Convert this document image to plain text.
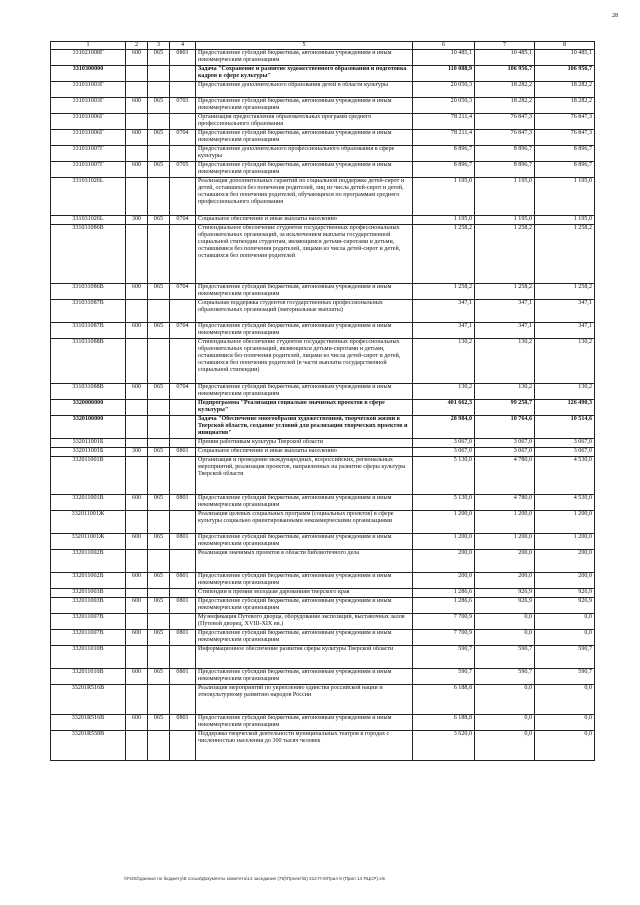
28
1	2	3	4	5	6	7	8
331021008Г	600	065	0801	Предоставление субсидий бюджетным, автономным учреждениям и иным некоммерческим организациям	10 485,1	10 485,1	10 485,1
3310300000				Задача "Сохранение и развитие художественного образования и подготовка кадров в сфере культуры"	110 088,9	106 956,7	106 956,7
331031003Г				Предоставление дополнительного образования детей в области культуры	20 050,3	18 282,2	18 282,2
331031003Г	600	065	0703	Предоставление субсидий бюджетным, автономным учреждениям и иным некоммерческим организациям	20 050,3	18 282,2	18 282,2
331031006Г				Организация предоставления образовательных программ среднего профессионального образования	78 211,4	76 847,3	76 847,3
331031006Г	600	065	0704	Предоставление субсидий бюджетным, автономным учреждениям и иным некоммерческим организациям	78 211,4	76 847,3	76 847,3
331031007Г				Предоставление дополнительного профессионального образования в сфере культуры	8 896,7	8 896,7	8 896,7
331031007Г	600	065	0705	Предоставление субсидий бюджетным, автономным учреждениям и иным некоммерческим организациям	8 896,7	8 896,7	8 896,7
331031026L				Реализация дополнительных гарантий по социальной поддержке детей-сирот и детей, оставшихся без попечения родителей, лиц из числа детей-сирот и детей, оставшихся без попечения родителей, обучающихся по программам среднего профессионального образования	1 195,0	1 195,0	1 195,0
331031026L	300	065	0704	Социальное обеспечение и иные выплаты населению	1 195,0	1 195,0	1 195,0
331031086В				Стипендиальное обеспечение студентов государственных профессиональных образовательных организаций, за исключением выплаты государственной социальной стипендии студентам, являющимся детьми-сиротами и детьми, оставшимися без попечения родителей, лицами из числа детей-сирот и детей, оставшихся без попечения родителей	1 258,2	1 258,2	1 258,2
331031086В	600	065	0704	Предоставление субсидий бюджетным, автономным учреждениям и иным некоммерческим организациям	1 258,2	1 258,2	1 258,2
331031087В				Социальная поддержка студентов государственных профессиональных образовательных организаций (материальные выплаты)	347,1	347,1	347,1
331031087В	600	065	0704	Предоставление субсидий бюджетным, автономным учреждениям и иным некоммерческим организациям	347,1	347,1	347,1
331031088В				Стипендиальное обеспечение студентов государственных профессиональных образовательных организаций, являющихся детьми-сиротами и детьми, оставшимися без попечения родителей, лицами из числа детей-сирот и детей, оставшихся без попечения родителей (в части выплаты государственной социальной стипендии)	130,2	130,2	130,2
331031088В	600	065	0704	Предоставление субсидий бюджетным, автономным учреждениям и иным некоммерческим организациям	130,2	130,2	130,2
3320000000				Подпрограмма "Реализация социально значимых проектов в сфере культуры"	401 662,3	99 258,7	126 490,3
3320100000				Задача "Обеспечение многообразия художественной, творческой жизни в Тверской области, создание условий для реализации творческих проектов и инициатив"	28 984,0	10 764,6	10 514,6
332011001Б				Премии работникам культуры Тверской области	3 067,0	3 067,0	3 067,0
332011001Б	300	065	0801	Социальное обеспечение и иные выплаты населению	3 067,0	3 067,0	3 067,0
332011001В				Организация и проведение международных, всероссийских, региональных мероприятий, реализация проектов, направленных на развитие сферы культуры Тверской области	5 130,0	4 780,0	4 530,0
332011001В	600	065	0801	Предоставление субсидий бюджетным, автономным учреждениям и иным некоммерческим организациям	5 130,0	4 780,0	4 530,0
332011001Ж				Реализация целевых социальных программ (социальных проектов) в сфере культуры социально ориентированными некоммерческими организациями	1 200,0	1 200,0	1 200,0
332011001Ж	600	065	0801	Предоставление субсидий бюджетным, автономным учреждениям и иным некоммерческим организациям	1 200,0	1 200,0	1 200,0
332011002В				Реализация значимых проектов в области библиотечного дела	200,0	200,0	200,0
332011002В	600	065	0801	Предоставление субсидий бюджетным, автономным учреждениям и иным некоммерческим организациям	200,0	200,0	200,0
332011003В				Стипендии и премии молодым дарованиям тверского края	1 286,6	926,9	926,9
332011003В	600	065	0801	Предоставление субсидий бюджетным, автономным учреждениям и иным некоммерческим организациям	1 286,6	926,9	926,9
332011007В				Музеефикация Путевого дворца, оборудование экспозиций, выставочных залов (Путевой дворец, XVIII-XIX вв.)	7 700,9	0,0	0,0
332011007В	600	065	0801	Предоставление субсидий бюджетным, автономным учреждениям и иным некоммерческим организациям	7 700,9	0,0	0,0
332011010В				Информационное обеспечение развития сферы культуры Тверской области	590,7	590,7	590,7
332011010В	600	065	0801	Предоставление субсидий бюджетным, автономным учреждениям и иным некоммерческим организациям	590,7	590,7	590,7
33201R516В				Реализация мероприятий по укреплению единства российской нации и этнокультурному развитию народов России	6 188,8	0,0	0,0
33201R516В	600	065	0801	Предоставление субсидий бюджетным, автономным учреждениям и иным некоммерческим организациям	6 188,8	0,0	0,0
33201R558В				Поддержка творческой деятельности муниципальных театров в городах с численностью населения до 300 тысяч человек	3 620,0	0,0	0,0
\\FsOD\данные по бюджету\Б сосьм\Документы комитета\14 заседание (79)\Проект\Б) 312-П-6\Прил 8 (Прил 14 ЯЦСР).xls
